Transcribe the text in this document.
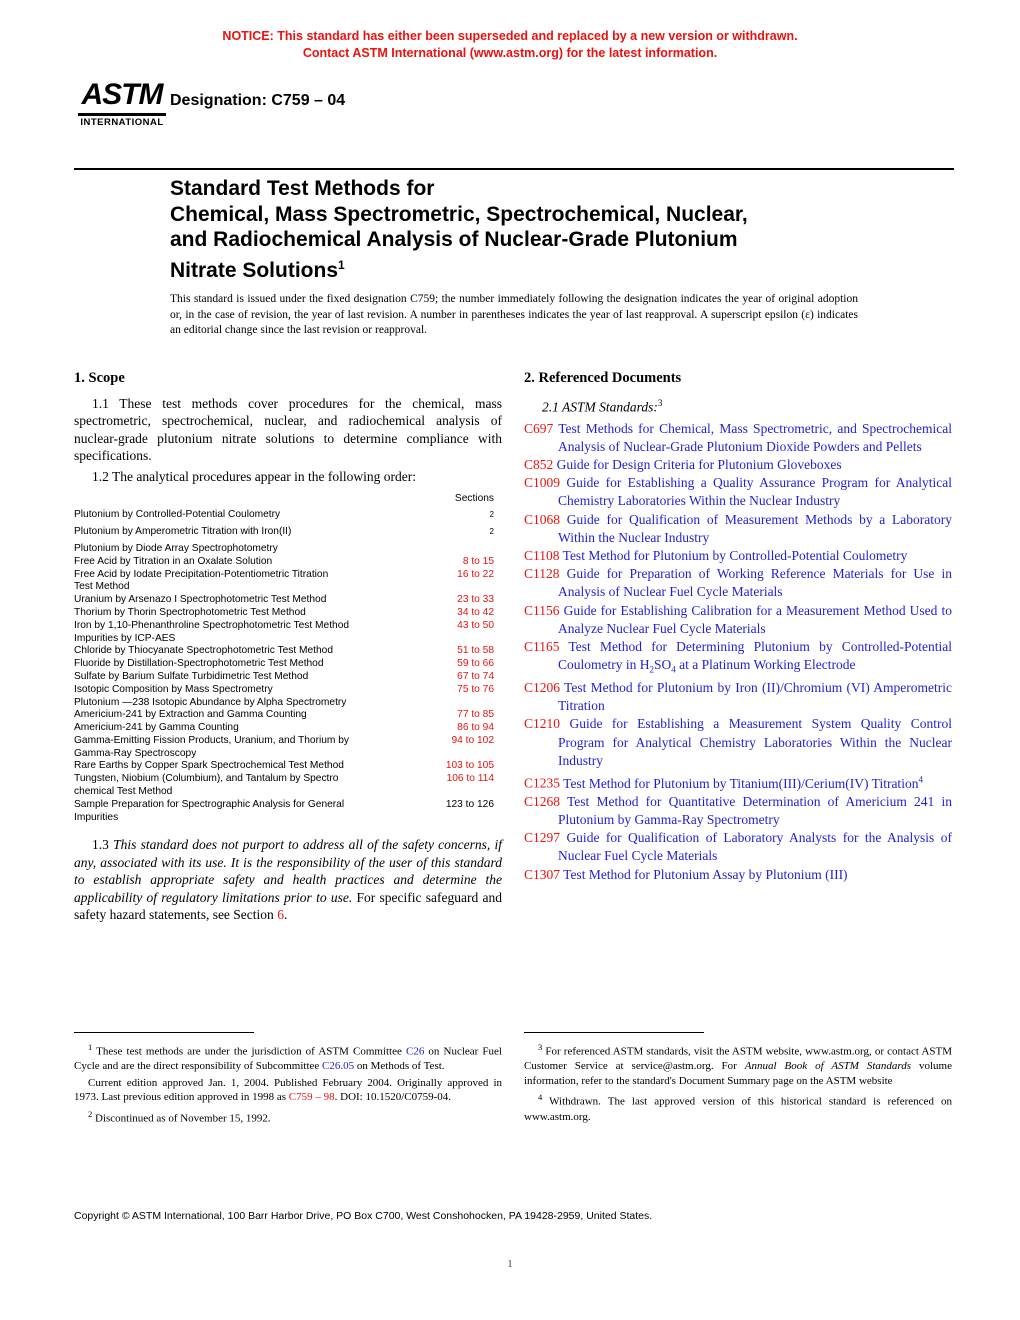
NOTICE: This standard has either been superseded and replaced by a new version or withdrawn.
Contact ASTM International (www.astm.org) for the latest information.
ASTM
INTERNATIONAL
Designation: C759 – 04
Standard Test Methods for
Chemical, Mass Spectrometric, Spectrochemical, Nuclear,
and Radiochemical Analysis of Nuclear-Grade Plutonium
Nitrate Solutions$^1$
This standard is issued under the fixed designation C759; the number immediately following the designation indicates the year of original adoption or, in the case of revision, the year of last revision. A number in parentheses indicates the year of last reapproval. A superscript epsilon (ε) indicates an editorial change since the last revision or reapproval.
1. Scope
1.1 These test methods cover procedures for the chemical, mass spectrometric, spectrochemical, nuclear, and radiochemical analysis of nuclear-grade plutonium nitrate solutions to determine compliance with specifications.
1.2 The analytical procedures appear in the following order:
	Sections
Plutonium by Controlled-Potential Coulometry	$^2$
Plutonium by Amperometric Titration with Iron(II)	$^2$
Plutonium by Diode Array Spectrophotometry	
Free Acid by Titration in an Oxalate Solution	8 to 15
Free Acid by Iodate Precipitation-Potentiometric Titration	16 to 22
Test Method	
Uranium by Arsenazo I Spectrophotometric Test Method	23 to 33
Thorium by Thorin Spectrophotometric Test Method	34 to 42
Iron by 1,10-Phenanthroline Spectrophotometric Test Method	43 to 50
Impurities by ICP-AES	
Chloride by Thiocyanate Spectrophotometric Test Method	51 to 58
Fluoride by Distillation-Spectrophotometric Test Method	59 to 66
Sulfate by Barium Sulfate Turbidimetric Test Method	67 to 74
Isotopic Composition by Mass Spectrometry	75 to 76
Plutonium —238 Isotopic Abundance by Alpha Spectrometry	
Americium-241 by Extraction and Gamma Counting	77 to 85
Americium-241 by Gamma Counting	86 to 94
Gamma-Emitting Fission Products, Uranium, and Thorium by	94 to 102
Gamma-Ray Spectroscopy	
Rare Earths by Copper Spark Spectrochemical Test Method	103 to 105
Tungsten, Niobium (Columbium), and Tantalum by Spectro	106 to 114
chemical Test Method	
Sample Preparation for Spectrographic Analysis for General	123 to 126
Impurities	
1.3 This standard does not purport to address all of the safety concerns, if any, associated with its use. It is the responsibility of the user of this standard to establish appropriate safety and health practices and determine the applicability of regulatory limitations prior to use. For specific safeguard and safety hazard statements, see Section 6.
2. Referenced Documents
2.1 ASTM Standards:$^3$
C697 Test Methods for Chemical, Mass Spectrometric, and Spectrochemical Analysis of Nuclear-Grade Plutonium Dioxide Powders and Pellets
C852 Guide for Design Criteria for Plutonium Gloveboxes
C1009 Guide for Establishing a Quality Assurance Program for Analytical Chemistry Laboratories Within the Nuclear Industry
C1068 Guide for Qualification of Measurement Methods by a Laboratory Within the Nuclear Industry
C1108 Test Method for Plutonium by Controlled-Potential Coulometry
C1128 Guide for Preparation of Working Reference Materials for Use in Analysis of Nuclear Fuel Cycle Materials
C1156 Guide for Establishing Calibration for a Measurement Method Used to Analyze Nuclear Fuel Cycle Materials
C1165 Test Method for Determining Plutonium by Controlled-Potential Coulometry in $H_2SO_4$ at a Platinum Working Electrode
C1206 Test Method for Plutonium by Iron (II)/Chromium (VI) Amperometric Titration
C1210 Guide for Establishing a Measurement System Quality Control Program for Analytical Chemistry Laboratories Within the Nuclear Industry
C1235 Test Method for Plutonium by Titanium(III)/Cerium(IV) Titration$^4$
C1268 Test Method for Quantitative Determination of Americium 241 in Plutonium by Gamma-Ray Spectrometry
C1297 Guide for Qualification of Laboratory Analysts for the Analysis of Nuclear Fuel Cycle Materials
C1307 Test Method for Plutonium Assay by Plutonium (III)

$^1$ These test methods are under the jurisdiction of ASTM Committee C26 on Nuclear Fuel Cycle and are the direct responsibility of Subcommittee C26.05 on Methods of Test.

Current edition approved Jan. 1, 2004. Published February 2004. Originally approved in 1973. Last previous edition approved in 1998 as C759 – 98. DOI: 10.1520/C0759-04.

$^2$ Discontinued as of November 15, 1992.

$^3$ For referenced ASTM standards, visit the ASTM website, www.astm.org, or contact ASTM Customer Service at service@astm.org. For Annual Book of ASTM Standards volume information, refer to the standard's Document Summary page on the ASTM website

$^4$ Withdrawn. The last approved version of this historical standard is referenced on www.astm.org.

Copyright © ASTM International, 100 Barr Harbor Drive, PO Box C700, West Conshohocken, PA 19428-2959, United States.
1
